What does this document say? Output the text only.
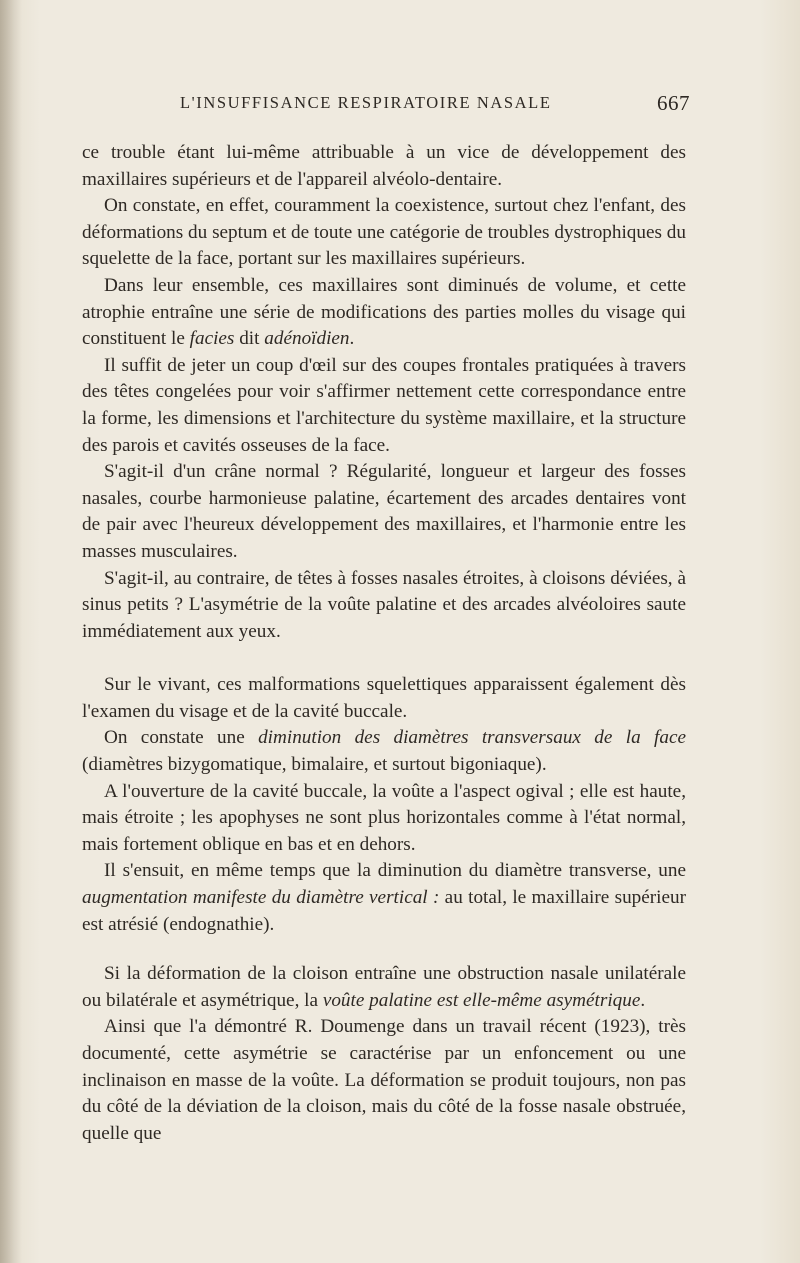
L'INSUFFISANCE RESPIRATOIRE NASALE	667

ce trouble étant lui-même attribuable à un vice de développement des maxillaires supérieurs et de l'appareil alvéolo-dentaire.

On constate, en effet, couramment la coexistence, surtout chez l'enfant, des déformations du septum et de toute une catégorie de troubles dystrophiques du squelette de la face, portant sur les maxillaires supérieurs.

Dans leur ensemble, ces maxillaires sont diminués de volume, et cette atrophie entraîne une série de modifications des parties molles du visage qui constituent le facies dit adénoïdien.

Il suffit de jeter un coup d'œil sur des coupes frontales pratiquées à travers des têtes congelées pour voir s'affirmer nettement cette correspondance entre la forme, les dimensions et l'architecture du système maxillaire, et la structure des parois et cavités osseuses de la face.

S'agit-il d'un crâne normal ? Régularité, longueur et largeur des fosses nasales, courbe harmonieuse palatine, écartement des arcades dentaires vont de pair avec l'heureux développement des maxillaires, et l'harmonie entre les masses musculaires.

S'agit-il, au contraire, de têtes à fosses nasales étroites, à cloisons déviées, à sinus petits ? L'asymétrie de la voûte palatine et des arcades alvéoloires saute immédiatement aux yeux.

Sur le vivant, ces malformations squelettiques apparaissent également dès l'examen du visage et de la cavité buccale.

On constate une diminution des diamètres transversaux de la face (diamètres bizygomatique, bimalaire, et surtout bigoniaque).

A l'ouverture de la cavité buccale, la voûte a l'aspect ogival ; elle est haute, mais étroite ; les apophyses ne sont plus horizontales comme à l'état normal, mais fortement oblique en bas et en dehors.

Il s'ensuit, en même temps que la diminution du diamètre transverse, une augmentation manifeste du diamètre vertical : au total, le maxillaire supérieur est atrésié (endognathie).

Si la déformation de la cloison entraîne une obstruction nasale unilatérale ou bilatérale et asymétrique, la voûte palatine est elle-même asymétrique.

Ainsi que l'a démontré R. Doumenge dans un travail récent (1923), très documenté, cette asymétrie se caractérise par un enfoncement ou une inclinaison en masse de la voûte. La déformation se produit toujours, non pas du côté de la déviation de la cloison, mais du côté de la fosse nasale obstruée, quelle que
